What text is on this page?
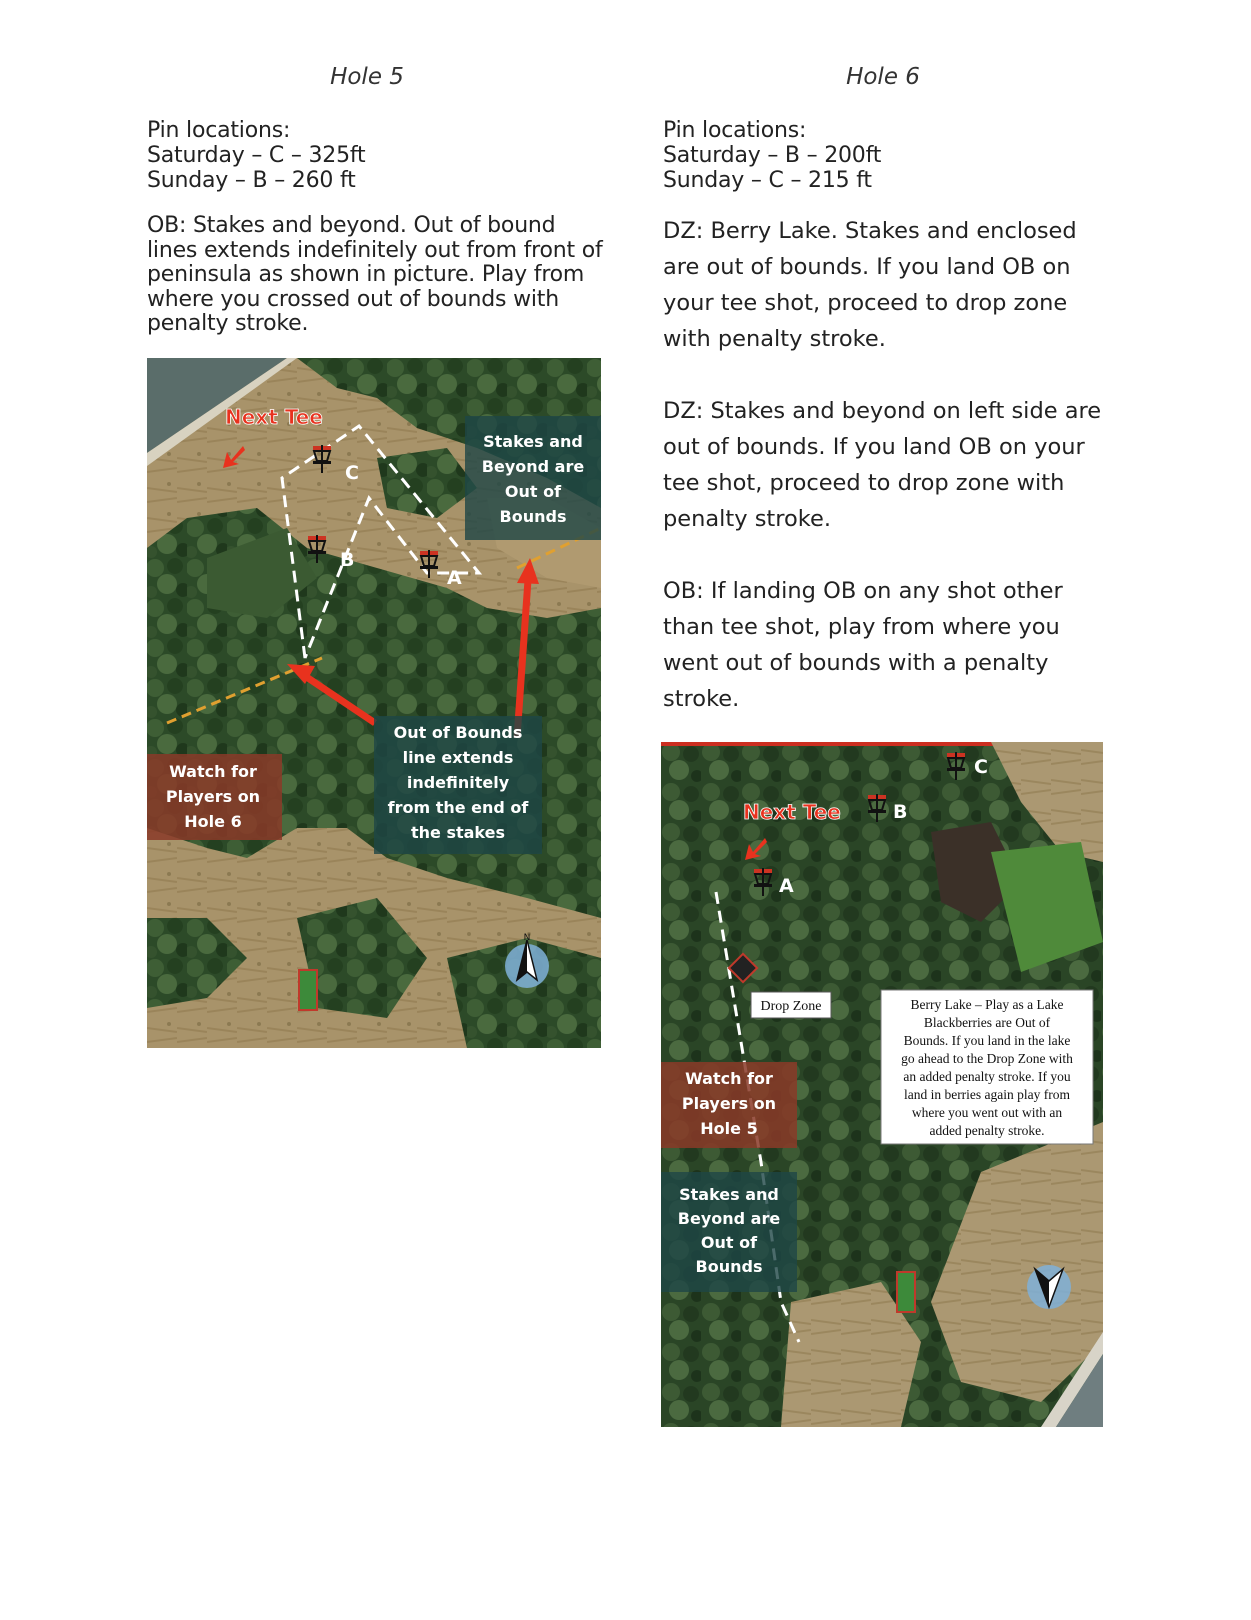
Hole 5
Pin locations:
Saturday – C – 325ft
Sunday – B – 260 ft
OB: Stakes and beyond. Out of bound lines extends indefinitely out from front of peninsula as shown in picture. Play from where you crossed out of bounds with penalty stroke.
C
B
A
Next Tee
Stakes and
Beyond are
Out of
Bounds
Out of Bounds
line extends
indefinitely
from the end of
the stakes
Watch for
Players on
Hole 6
N
Hole 6
Pin locations:
Saturday – B – 200ft
Sunday – C – 215 ft
DZ: Berry Lake. Stakes and enclosed are out of bounds. If you land OB on your tee shot, proceed to drop zone with penalty stroke.
DZ: Stakes and beyond on left side are out of bounds. If you land OB on your tee shot, proceed to drop zone with penalty stroke.
OB: If landing OB on any shot other than tee shot, play from where you went out of bounds with a penalty stroke.
C
B
A
Next Tee
Drop Zone	Berry Lake – Play as a Lake
Blackberries are Out of
Bounds. If you land in the lake
go ahead to the Drop Zone with
an added penalty stroke. If you
land in berries again play from
where you went out with an
added penalty stroke.
Watch for
Players on
Hole 5
Stakes and
Beyond are
Out of
Bounds
